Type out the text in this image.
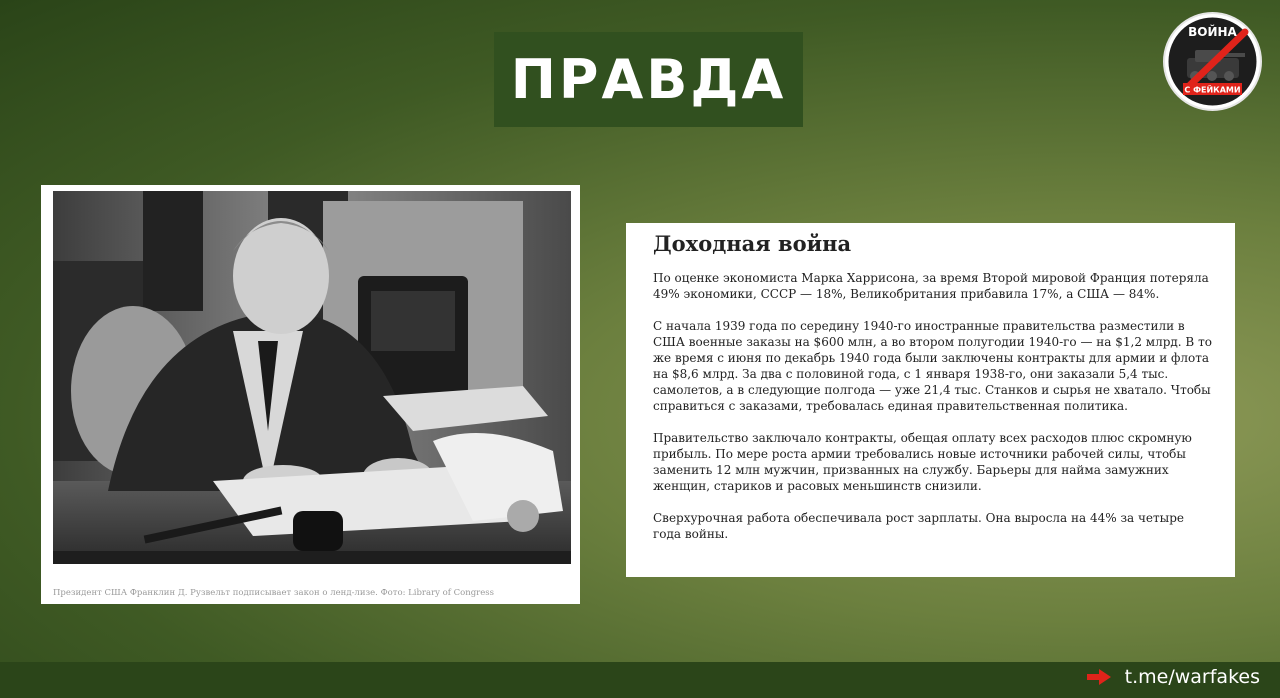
ПРАВДА
ВОЙНА
С ФЕЙКАМИ
Президент США Франклин Д. Рузвельт подписывает закон о ленд-лизе. Фото: Library of Congress
Доходная война

По оценке экономиста Марка Харрисона, за время Второй мировой Франция потеряла 49% экономики, СССР — 18%, Великобритания прибавила 17%, а США — 84%.

С начала 1939 года по середину 1940-го иностранные правительства разместили в США военные заказы на $600 млн, а во втором полугодии 1940-го — на $1,2 млрд. В то же время с июня по декабрь 1940 года были заключены контракты для армии и флота на $8,6 млрд. За два с половиной года, с 1 января 1938-го, они заказали 5,4 тыс. самолетов, а в следующие полгода — уже 21,4 тыс. Станков и сырья не хватало. Чтобы справиться с заказами, требовалась единая правительственная политика.

Правительство заключало контракты, обещая оплату всех расходов плюс скромную прибыль. По мере роста армии требовались новые источники рабочей силы, чтобы заменить 12 млн мужчин, призванных на службу. Барьеры для найма замужних женщин, стариков и расовых меньшинств снизили.

Сверхурочная работа обеспечивала рост зарплаты. Она выросла на 44% за четыре года войны.

t.me/warfakes
